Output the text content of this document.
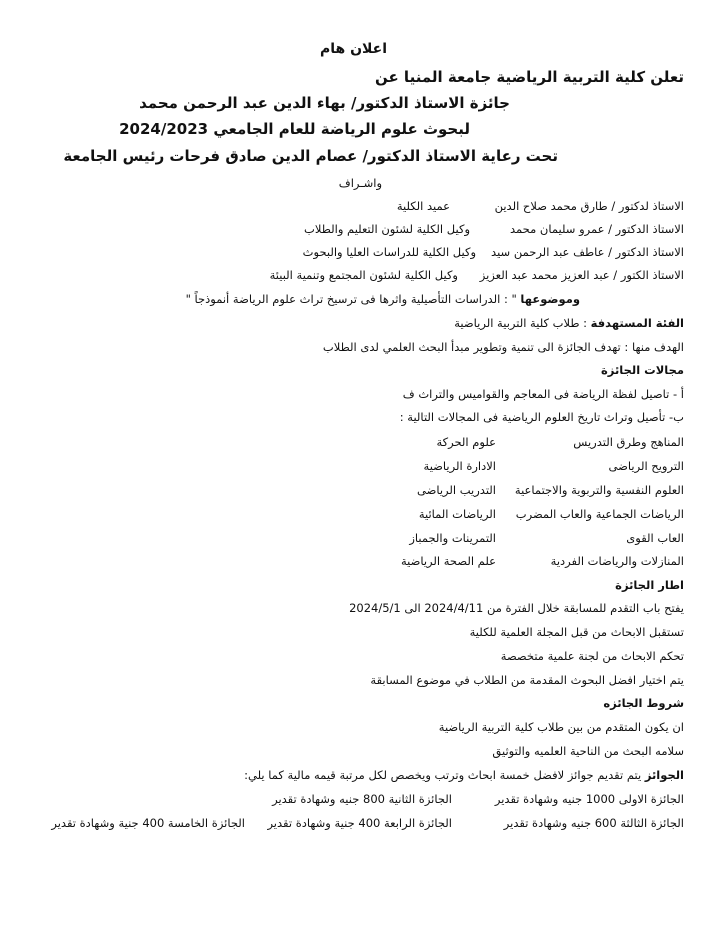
اعلان هام
تعلن كلية التربية الرياضية جامعة المنيا عن
جائزة الاستاذ الدكتور/ بهاء الدين عبد الرحمن محمد
لبحوث علوم الرياضة للعام الجامعي 2024/2023
تحت رعاية الاستاذ الدكتور/ عصام الدين صادق فرحات رئيس الجامعة
واشـراف
الاستاذ لدكتور / طارق محمد صلاح الدين
عميد الكلية
الاستاذ الدكتور / عمرو سليمان محمد
وكيل الكلية لشئون التعليم والطلاب
الاستاذ الدكتور / عاطف عبد الرحمن سيد
وكيل الكلية للدراسات العليا والبحوث
الاستاذ الكتور / عبد العزيز محمد عبد العزيز
وكيل الكلية لشئون المجتمع وتنمية البيئة
وموضوعها " : الدراسات التأصيلية واثرها فى ترسيخ تراث علوم الرياضة أنموذجاً "
الفئة المستهدفة : طلاب كلية التربية الرياضية
الهدف منها : تهدف الجائزة الى تنمية وتطوير مبدأ البحث العلمي لدى الطلاب
مجالات الجائزة
أ - تاصيل لفظة الرياضة فى المعاجم والقواميس والتراث ف
ب- تأصيل وتراث تاريخ العلوم الرياضية فى المجالات التالية :
المناهج وطرق التدريس
علوم الحركة
الترويح الرياضى
الادارة الرياضية
العلوم النفسية والتربوية والاجتماعية
التدريب الرياضى
الرياضات الجماعية والعاب المضرب
الرياضات المائية
العاب القوى
التمرينات والجمباز
المنازلات والرياضات الفردية
علم الصحة الرياضية
اطار الجائزة
يفتح باب التقدم للمسابقة خلال الفترة من 2024/4/11 الى 2024/5/1
تستقبل الابحاث من قبل المجلة العلمية للكلية
تحكم الابحاث من لجنة علمية متخصصة
يتم اختيار افضل البحوث المقدمة من الطلاب في موضوع المسابقة
شروط الجائزه
ان يكون المتقدم من بين طلاب كلية التربية الرياضية
سلامه البحث من الناحية العلميه والتوثيق
الجوائز يتم تقديم جوائز لافضل خمسة ابحاث وترتب ويخصص لكل مرتبة قيمه مالية كما يلي:
الجائزة الاولى 1000 جنيه وشهادة تقدير
الجائزة الثانية 800 جنيه وشهادة تقدير
الجائزة الثالثة 600 جنيه وشهادة تقدير
الجائزة الرابعة 400 جنية وشهادة تقدير
الجائزة الخامسة 400 جنية وشهادة تقدير
